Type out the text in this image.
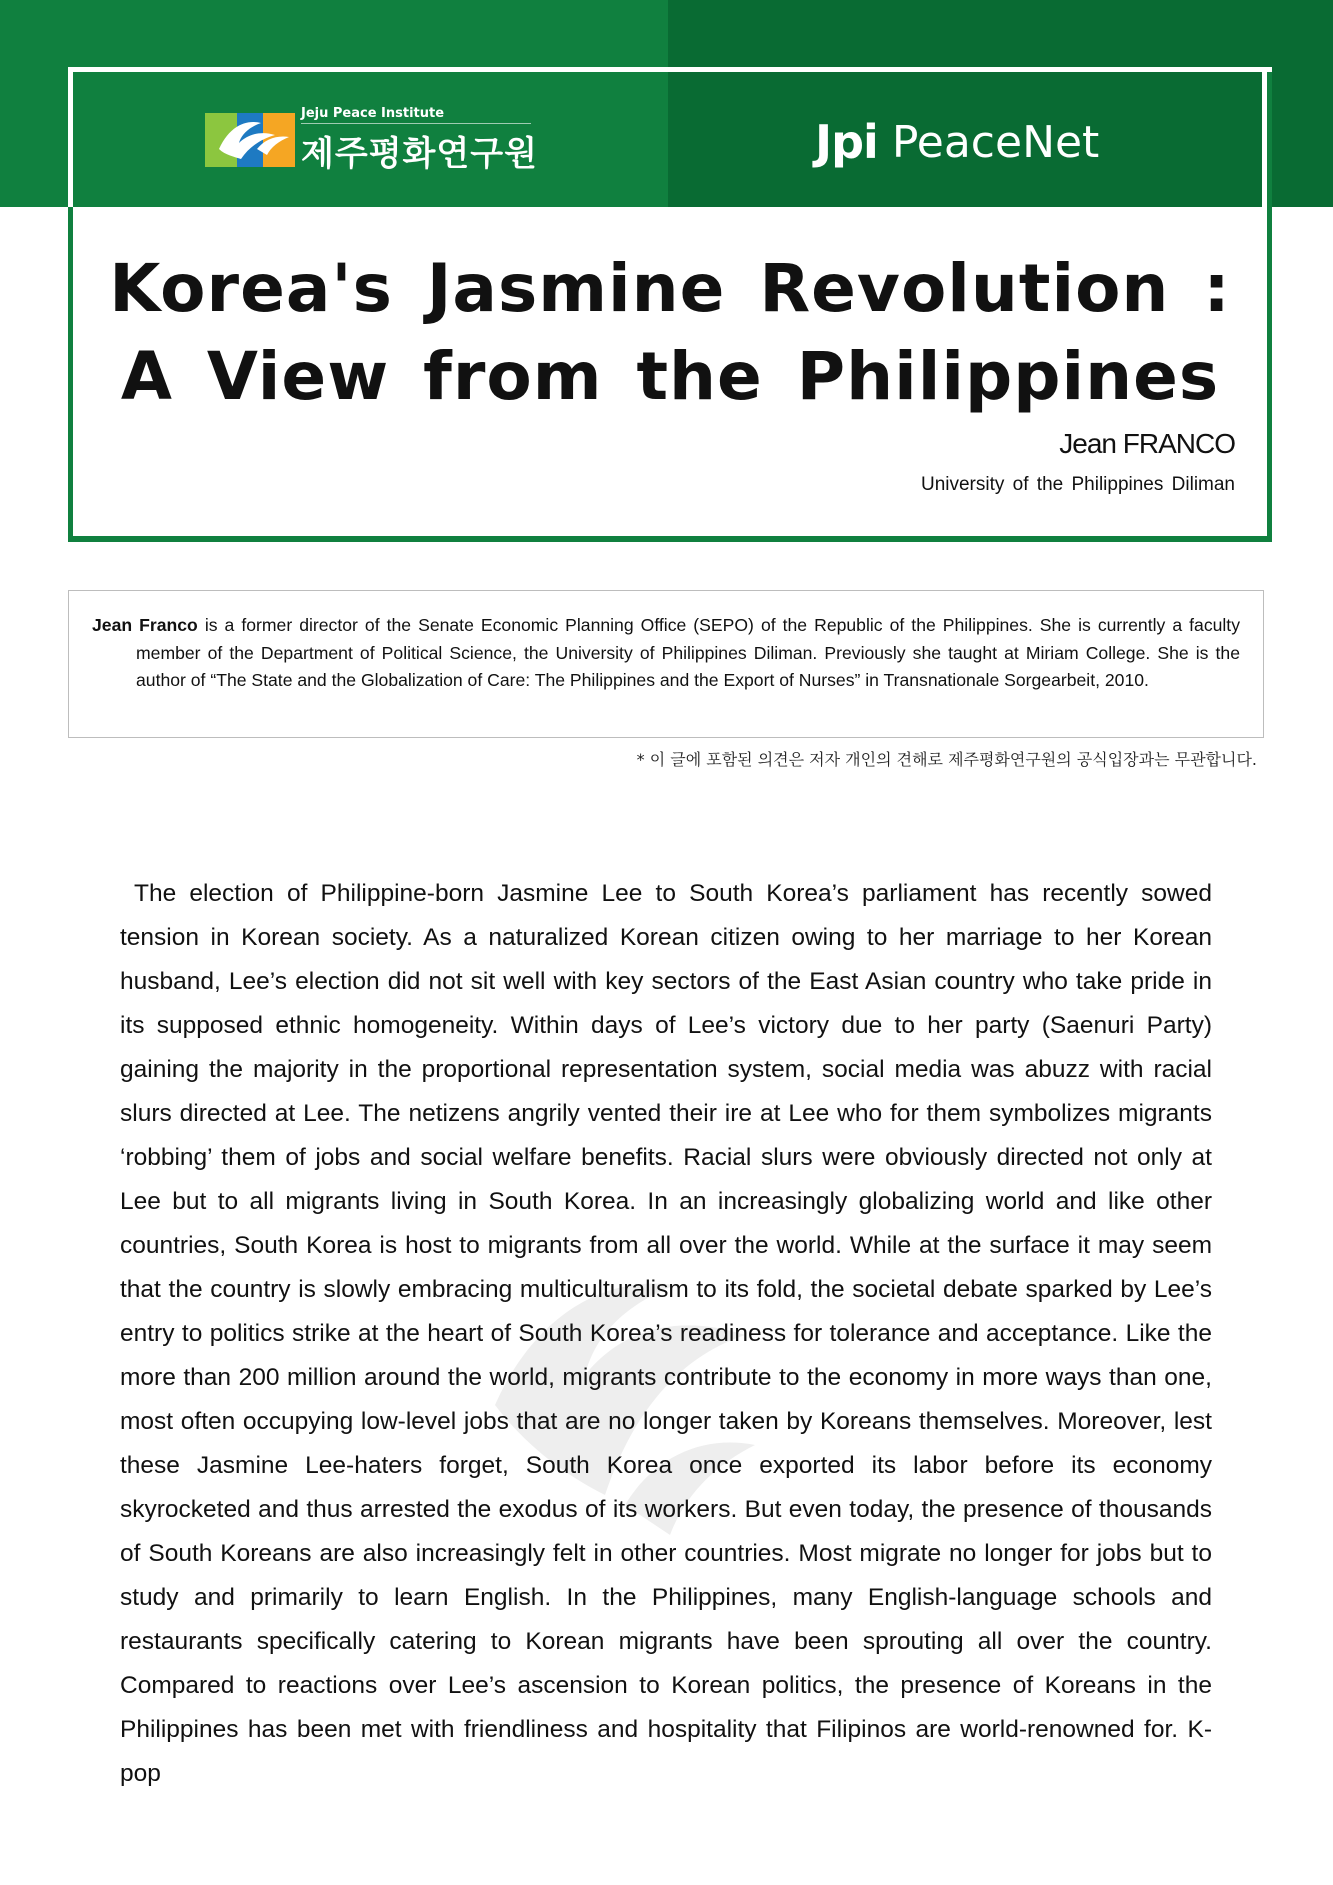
Jeju Peace Institute
제주평화연구원	Jpi PeaceNet
Korea's Jasmine Revolution :
A View from the Philippines
Jean FRANCO
University of the Philippines Diliman

Jean Franco is a former director of the Senate Economic Planning Office (SEPO) of the Republic of the Philippines. She is currently a faculty member of the Department of Political Science, the University of Philippines Diliman. Previously she taught at Miriam College. She is the author of “The State and the Globalization of Care: The Philippines and the Export of Nurses” in Transnationale Sorgearbeit, 2010.

* 이 글에 포함된 의견은 저자 개인의 견해로 제주평화연구원의 공식입장과는 무관합니다.

The election of Philippine-born Jasmine Lee to South Korea’s parliament has recently sowed tension in Korean society. As a naturalized Korean citizen owing to her marriage to her Korean husband, Lee’s election did not sit well with key sectors of the East Asian country who take pride in its supposed ethnic homogeneity. Within days of Lee’s victory due to her party (Saenuri Party) gaining the majority in the proportional representation system, social media was abuzz with racial slurs directed at Lee. The netizens angrily vented their ire at Lee who for them symbolizes migrants ‘robbing’ them of jobs and social welfare benefits. Racial slurs were obviously directed not only at Lee but to all migrants living in South Korea. In an increasingly globalizing world and like other countries, South Korea is host to migrants from all over the world. While at the surface it may seem that the country is slowly embracing multiculturalism to its fold, the societal debate sparked by Lee’s entry to politics strike at the heart of South Korea’s readiness for tolerance and acceptance. Like the more than 200 million around the world, migrants contribute to the economy in more ways than one, most often occupying low-level jobs that are no longer taken by Koreans themselves. Moreover, lest these Jasmine Lee-haters forget, South Korea once exported its labor before its economy skyrocketed and thus arrested the exodus of its workers. But even today, the presence of thousands of South Koreans are also increasingly felt in other countries. Most migrate no longer for jobs but to study and primarily to learn English. In the Philippines, many English-language schools and restaurants specifically catering to Korean migrants have been sprouting all over the country. Compared to reactions over Lee’s ascension to Korean politics, the presence of Koreans in the Philippines has been met with friendliness and hospitality that Filipinos are world-renowned for. K-pop
